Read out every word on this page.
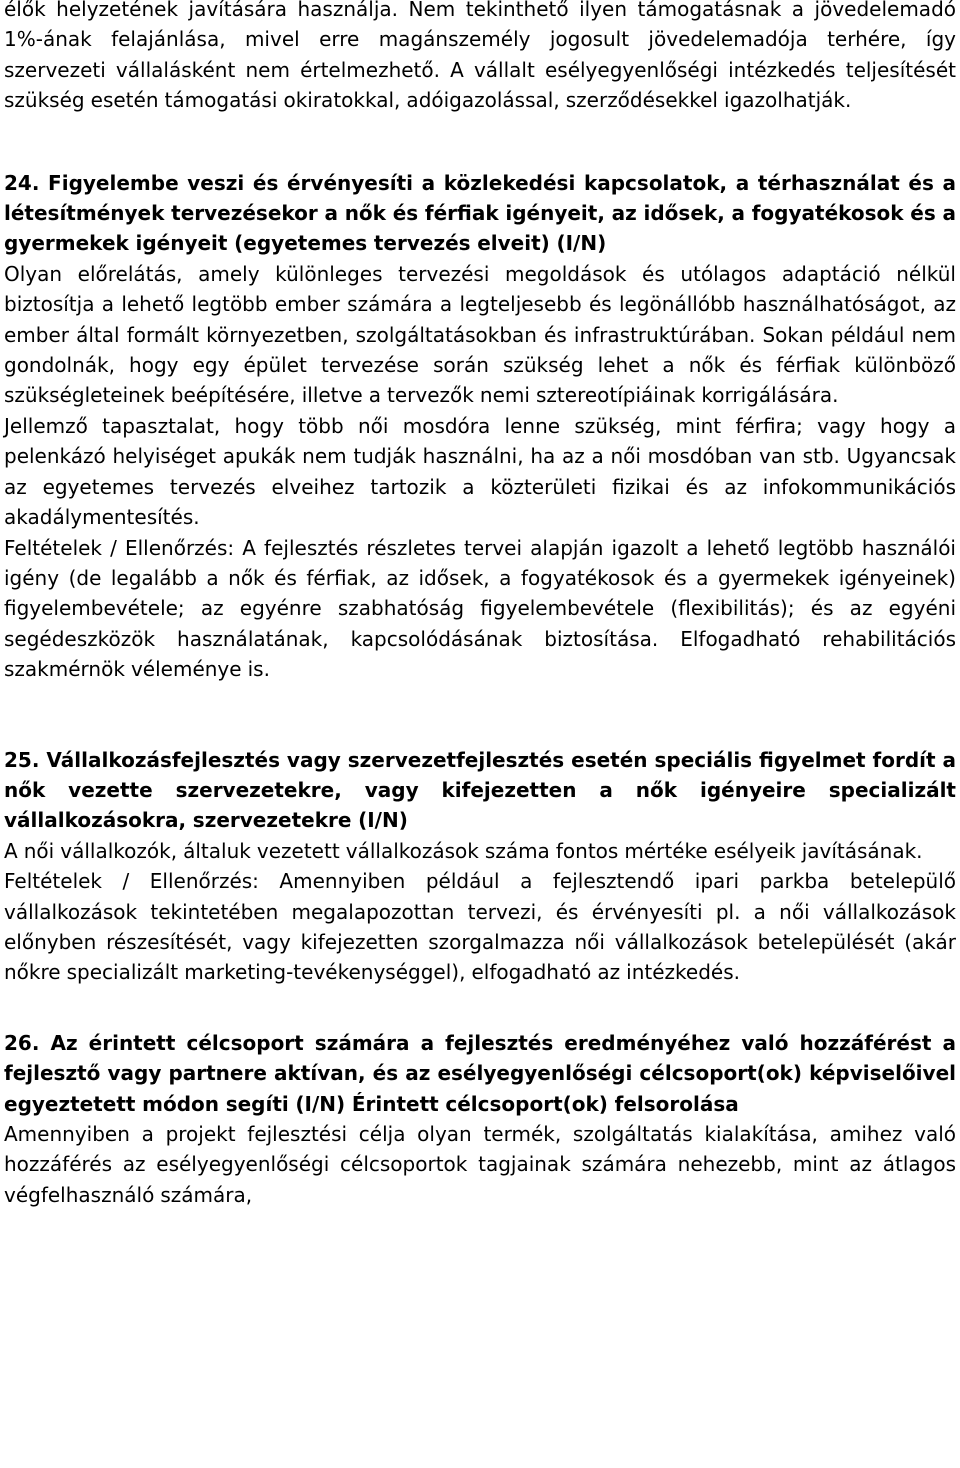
élők helyzetének javítására használja. Nem tekinthető ilyen támogatásnak a jövedelemadó 1%-ának felajánlása, mivel erre magánszemély jogosult jövedelemadója terhére, így szervezeti vállalásként nem értelmezhető. A vállalt esélyegyenlőségi intézkedés teljesítését szükség esetén támogatási okiratokkal, adóigazolással, szerződésekkel igazolhatják.

24. Figyelembe veszi és érvényesíti a közlekedési kapcsolatok, a térhasználat és a létesítmények tervezésekor a nők és férfiak igényeit, az idősek, a fogyatékosok és a gyermekek igényeit (egyetemes tervezés elveit) (I/N)

Olyan előrelátás, amely különleges tervezési megoldások és utólagos adaptáció nélkül biztosítja a lehető legtöbb ember számára a legteljesebb és legönállóbb használhatóságot, az ember által formált környezetben, szolgáltatásokban és infrastruktúrában. Sokan például nem gondolnák, hogy egy épület tervezése során szükség lehet a nők és férfiak különböző szükségleteinek beépítésére, illetve a tervezők nemi sztereotípiáinak korrigálására.

Jellemző tapasztalat, hogy több női mosdóra lenne szükség, mint férfira; vagy hogy a pelenkázó helyiséget apukák nem tudják használni, ha az a női mosdóban van stb. Ugyancsak az egyetemes tervezés elveihez tartozik a közterületi fizikai és az infokommunikációs akadálymentesítés.

Feltételek / Ellenőrzés: A fejlesztés részletes tervei alapján igazolt a lehető legtöbb használói igény (de legalább a nők és férfiak, az idősek, a fogyatékosok és a gyermekek igényeinek) figyelembevétele; az egyénre szabhatóság figyelembevétele (flexibilitás); és az egyéni segédeszközök használatának, kapcsolódásának biztosítása. Elfogadható rehabilitációs szakmérnök véleménye is.

25. Vállalkozásfejlesztés vagy szervezetfejlesztés esetén speciális figyelmet fordít a nők vezette szervezetekre, vagy kifejezetten a nők igényeire specializált vállalkozásokra, szervezetekre (I/N)

A női vállalkozók, általuk vezetett vállalkozások száma fontos mértéke esélyeik javításának.

Feltételek / Ellenőrzés: Amennyiben például a fejlesztendő ipari parkba betelepülő vállalkozások tekintetében megalapozottan tervezi, és érvényesíti pl. a női vállalkozások előnyben részesítését, vagy kifejezetten szorgalmazza női vállalkozások betelepülését (akár nőkre specializált marketing-tevékenységgel), elfogadható az intézkedés.

26. Az érintett célcsoport számára a fejlesztés eredményéhez való hozzáférést a fejlesztő vagy partnere aktívan, és az esélyegyenlőségi célcsoport(ok) képviselőivel egyeztetett módon segíti (I/N) Érintett célcsoport(ok) felsorolása

Amennyiben a projekt fejlesztési célja olyan termék, szolgáltatás kialakítása, amihez való hozzáférés az esélyegyenlőségi célcsoportok tagjainak számára nehezebb, mint az átlagos végfelhasználó számára,
